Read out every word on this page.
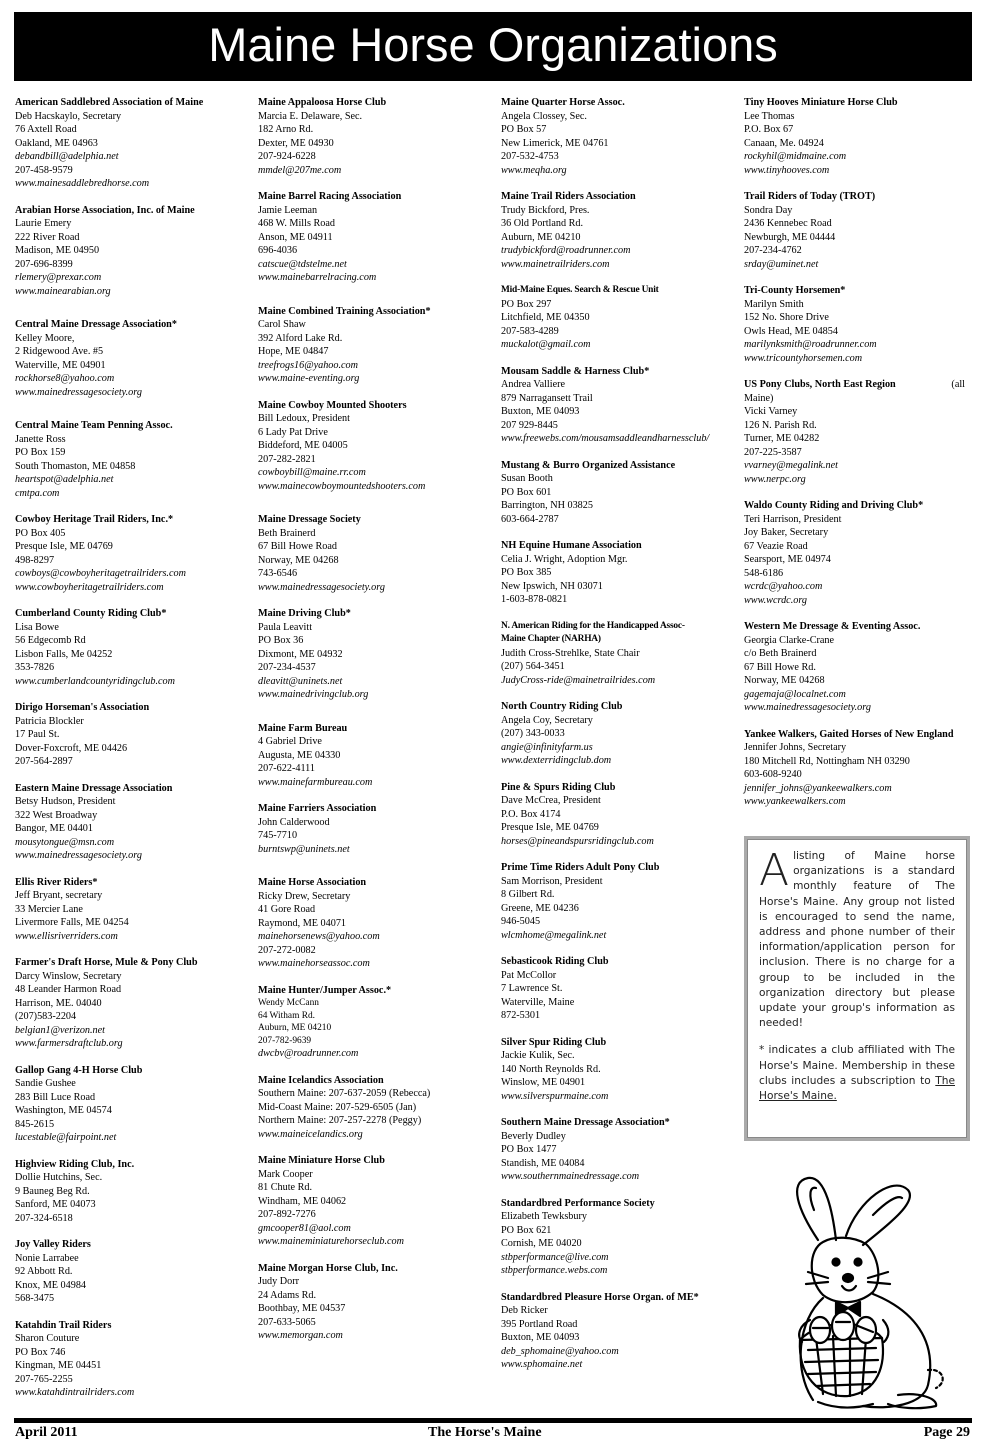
Maine Horse Organizations
American Saddlebred Association of Maine
Deb Hacskaylo, Secretary
76 Axtell Road
Oakland, ME 04963
debandbill@adelphia.net
207-458-9579
www.mainesaddlebredhorse.com
Arabian Horse Association, Inc. of Maine
Laurie Emery
222 River Road
Madison, ME 04950
207-696-8399
rlemery@prexar.com
www.mainearabian.org
Central Maine Dressage Association*
Kelley Moore,
2 Ridgewood Ave. #5
Waterville, ME 04901
rockhorse8@yahoo.com
www.mainedressagesociety.org
Central Maine Team Penning Assoc.
Janette Ross
PO Box 159
South Thomaston, ME 04858
heartspot@adelphia.net
cmtpa.com
Cowboy Heritage Trail Riders, Inc.*
PO Box 405
Presque Isle, ME 04769
498-8297
cowboys@cowboyheritagetrailriders.com
www.cowboyheritagetrailriders.com
Cumberland County Riding Club*
Lisa Bowe
56 Edgecomb Rd
Lisbon Falls, Me 04252
353-7826
www.cumberlandcountyridingclub.com
Dirigo Horseman's Association
Patricia Blockler
17 Paul St.
Dover-Foxcroft, ME 04426
207-564-2897
Eastern Maine Dressage Association
Betsy Hudson, President
322 West Broadway
Bangor, ME 04401
mousytongue@msn.com
www.mainedressagesociety.org
Ellis River Riders*
Jeff Bryant, secretary
33 Mercier Lane
Livermore Falls, ME 04254
www.ellisriverriders.com
Farmer's Draft Horse, Mule & Pony Club
Darcy Winslow, Secretary
48 Leander Harmon Road
Harrison, ME. 04040
(207)583-2204
belgian1@verizon.net
www.farmersdraftclub.org
Gallop Gang 4-H Horse Club
Sandie Gushee
283 Bill Luce Road
Washington, ME 04574
845-2615
lucestable@fairpoint.net
Highview Riding Club, Inc.
Dollie Hutchins, Sec.
9 Bauneg Beg Rd.
Sanford, ME 04073
207-324-6518
Joy Valley Riders
Nonie Larrabee
92 Abbott Rd.
Knox, ME 04984
568-3475
Katahdin Trail Riders
Sharon Couture
PO Box 746
Kingman, ME 04451
207-765-2255
www.katahdintrailriders.com
Maine Appaloosa Horse Club
Marcia E. Delaware, Sec.
182 Arno Rd.
Dexter, ME 04930
207-924-6228
mmdel@207me.com
Maine Barrel Racing Association
Jamie Leeman
468 W. Mills Road
Anson, ME 04911
696-4036
catscue@tdstelme.net
www.mainebarrelracing.com
Maine Combined Training Association*
Carol Shaw
392 Alford Lake Rd.
Hope, ME 04847
treefrogs16@yahoo.com
www.maine-eventing.org
Maine Cowboy Mounted Shooters
Bill Ledoux, President
6 Lady Pat Drive
Biddeford, ME 04005
207-282-2821
cowboybill@maine.rr.com
www.mainecowboymountedshooters.com
Maine Dressage Society
Beth Brainerd
67 Bill Howe Road
Norway, ME 04268
743-6546
www.mainedressagesociety.org
Maine Driving Club*
Paula Leavitt
PO Box 36
Dixmont, ME 04932
207-234-4537
dleavitt@uninets.net
www.mainedrivingclub.org
Maine Farm Bureau
4 Gabriel Drive
Augusta, ME 04330
207-622-4111
www.mainefarmbureau.com
Maine Farriers Association
John Calderwood
745-7710
burntswp@uninets.net
Maine Horse Association
Ricky Drew, Secretary
41 Gore Road
Raymond, ME 04071
mainehorsenews@yahoo.com
207-272-0082
www.mainehorseassoc.com
Maine Hunter/Jumper Assoc.*
Wendy McCann
64 Witham Rd.
Auburn, ME 04210
207-782-9639
dwcbv@roadrunner.com
Maine Icelandics Association
Southern Maine: 207-637-2059 (Rebecca)
Mid-Coast Maine: 207-529-6505 (Jan)
Northern Maine: 207-257-2278 (Peggy)
www.maineicelandics.org
Maine Miniature Horse Club
Mark Cooper
81 Chute Rd.
Windham, ME 04062
207-892-7276
gmcooper81@aol.com
www.maineminiaturehorseclub.com
Maine Morgan Horse Club, Inc.
Judy Dorr
24 Adams Rd.
Boothbay, ME 04537
207-633-5065
www.memorgan.com
Maine Quarter Horse Assoc.
Angela Clossey, Sec.
PO Box 57
New Limerick, ME 04761
207-532-4753
www.meqha.org
Maine Trail Riders Association
Trudy Bickford, Pres.
36 Old Portland Rd.
Auburn, ME 04210
trudybickford@roadrunner.com
www.mainetrailriders.com
Mid-Maine Eques. Search & Rescue Unit
PO Box 297
Litchfield, ME 04350
207-583-4289
muckalot@gmail.com
Mousam Saddle & Harness Club*
Andrea Valliere
879 Narragansett Trail
Buxton, ME 04093
207 929-8445
www.freewebs.com/mousamsaddleandharnessclub/
Mustang & Burro Organized Assistance
Susan Booth
PO Box 601
Barrington, NH 03825
603-664-2787
NH Equine Humane Association
Celia J. Wright, Adoption Mgr.
PO Box 385
New Ipswich, NH 03071
1-603-878-0821
N. American Riding for the Handicapped Assoc-
Maine Chapter (NARHA)
Judith Cross-Strehlke, State Chair
(207) 564-3451
JudyCross-ride@mainetrailrides.com
North Country Riding Club
Angela Coy, Secretary
(207) 343-0033
angie@infinityfarm.us
www.dexterridingclub.dom
Pine & Spurs Riding Club
Dave McCrea, President
P.O. Box 4174
Presque Isle, ME 04769
horses@pineandspursridingclub.com
Prime Time Riders Adult Pony Club
Sam Morrison, President
8 Gilbert Rd.
Greene, ME 04236
946-5045
wlcmhome@megalink.net
Sebasticook Riding Club
Pat McCollor
7 Lawrence St.
Waterville, Maine
872-5301
Silver Spur Riding Club
Jackie Kulik, Sec.
140 North Reynolds Rd.
Winslow, ME 04901
www.silverspurmaine.com
Southern Maine Dressage Association*
Beverly Dudley
PO Box 1477
Standish, ME 04084
www.southernmainedressage.com
Standardbred Performance Society
Elizabeth Tewksbury
PO Box 621
Cornish, ME 04020
stbperformance@live.com
stbperformance.webs.com
Standardbred Pleasure Horse Organ. of ME*
Deb Ricker
395 Portland Road
Buxton, ME 04093
deb_sphomaine@yahoo.com
www.sphomaine.net
Tiny Hooves Miniature Horse Club
Lee Thomas
P.O. Box 67
Canaan, Me. 04924
rockyhil@midmaine.com
www.tinyhooves.com
Trail Riders of Today (TROT)
Sondra Day
2436 Kennebec Road
Newburgh, ME 04444
207-234-4762
srday@uminet.net
Tri-County Horsemen*
Marilyn Smith
152 No. Shore Drive
Owls Head, ME 04854
marilynksmith@roadrunner.com
www.tricountyhorsemen.com
US Pony Clubs, North East Region	(all
Maine)
Vicki Varney
126 N. Parish Rd.
Turner, ME 04282
207-225-3587
vvarney@megalink.net
www.nerpc.org
Waldo County Riding and Driving Club*
Teri Harrison, President
Joy Baker, Secretary
67 Veazie Road
Searsport, ME 04974
548-6186
wcrdc@yahoo.com
www.wcrdc.org
Western Me Dressage & Eventing Assoc.
Georgia Clarke-Crane
c/o Beth Brainerd
67 Bill Howe Rd.
Norway, ME 04268
gagemaja@localnet.com
www.mainedressagesociety.org
Yankee Walkers, Gaited Horses of New England
Jennifer Johns, Secretary
180 Mitchell Rd, Nottingham NH 03290
603-608-9240
jennifer_johns@yankeewalkers.com
www.yankeewalkers.com

Alisting of Maine horse organizations is a standard monthly feature of The Horse's Maine. Any group not listed is encouraged to send the name, address and phone number of their information/application person for inclusion. There is no charge for a group to be included in the organization directory but please update your group's information as needed!

* indicates a club affiliated with The Horse's Maine. Membership in these clubs includes a subscription to The Horse's Maine.

April 2011	The Horse's Maine	Page 29
